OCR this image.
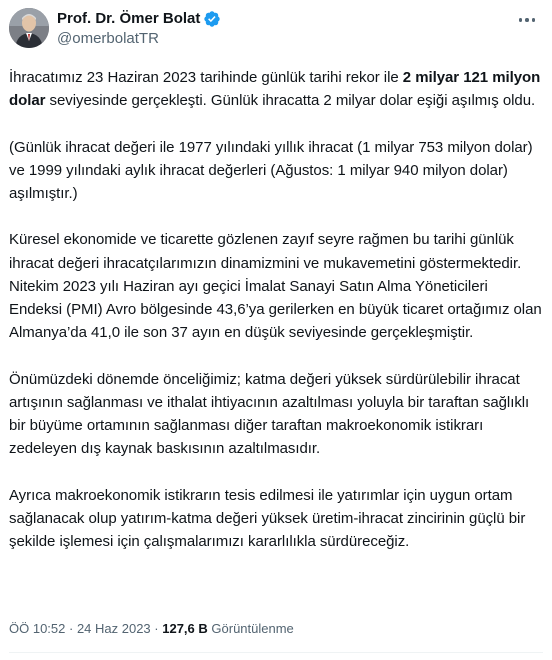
Prof. Dr. Ömer Bolat
@omerbolatTR

İhracatımız 23 Haziran 2023 tarihinde günlük tarihi rekor ile 2 milyar 121 milyon dolar seviyesinde gerçekleşti. Günlük ihracatta 2 milyar dolar eşiği aşılmış oldu.

(Günlük ihracat değeri ile 1977 yılındaki yıllık ihracat (1 milyar 753 milyon dolar) ve 1999 yılındaki aylık ihracat değerleri (Ağustos: 1 milyar 940 milyon dolar) aşılmıştır.)

Küresel ekonomide ve ticarette gözlenen zayıf seyre rağmen bu tarihi günlük ihracat değeri ihracatçılarımızın dinamizmini ve mukavemetini göstermektedir. Nitekim 2023 yılı Haziran ayı geçici İmalat Sanayi Satın Alma Yöneticileri Endeksi (PMI) Avro bölgesinde 43,6’ya gerilerken en büyük ticaret ortağımız olan Almanya’da 41,0 ile son 37 ayın en düşük seviyesinde gerçekleşmiştir.

Önümüzdeki dönemde önceliğimiz; katma değeri yüksek sürdürülebilir ihracat artışının sağlanması ve ithalat ihtiyacının azaltılması yoluyla bir taraftan sağlıklı bir büyüme ortamının sağlanması diğer taraftan makroekonomik istikrarı zedeleyen dış kaynak baskısının azaltılmasıdır.

Ayrıca makroekonomik istikrarın tesis edilmesi ile yatırımlar için uygun ortam sağlanacak olup yatırım-katma değeri yüksek üretim-ihracat zincirinin güçlü bir şekilde işlemesi için çalışmalarımızı kararlılıkla sürdüreceğiz.

ÖÖ 10:52 · 24 Haz 2023 · 127,6 B Görüntülenme
